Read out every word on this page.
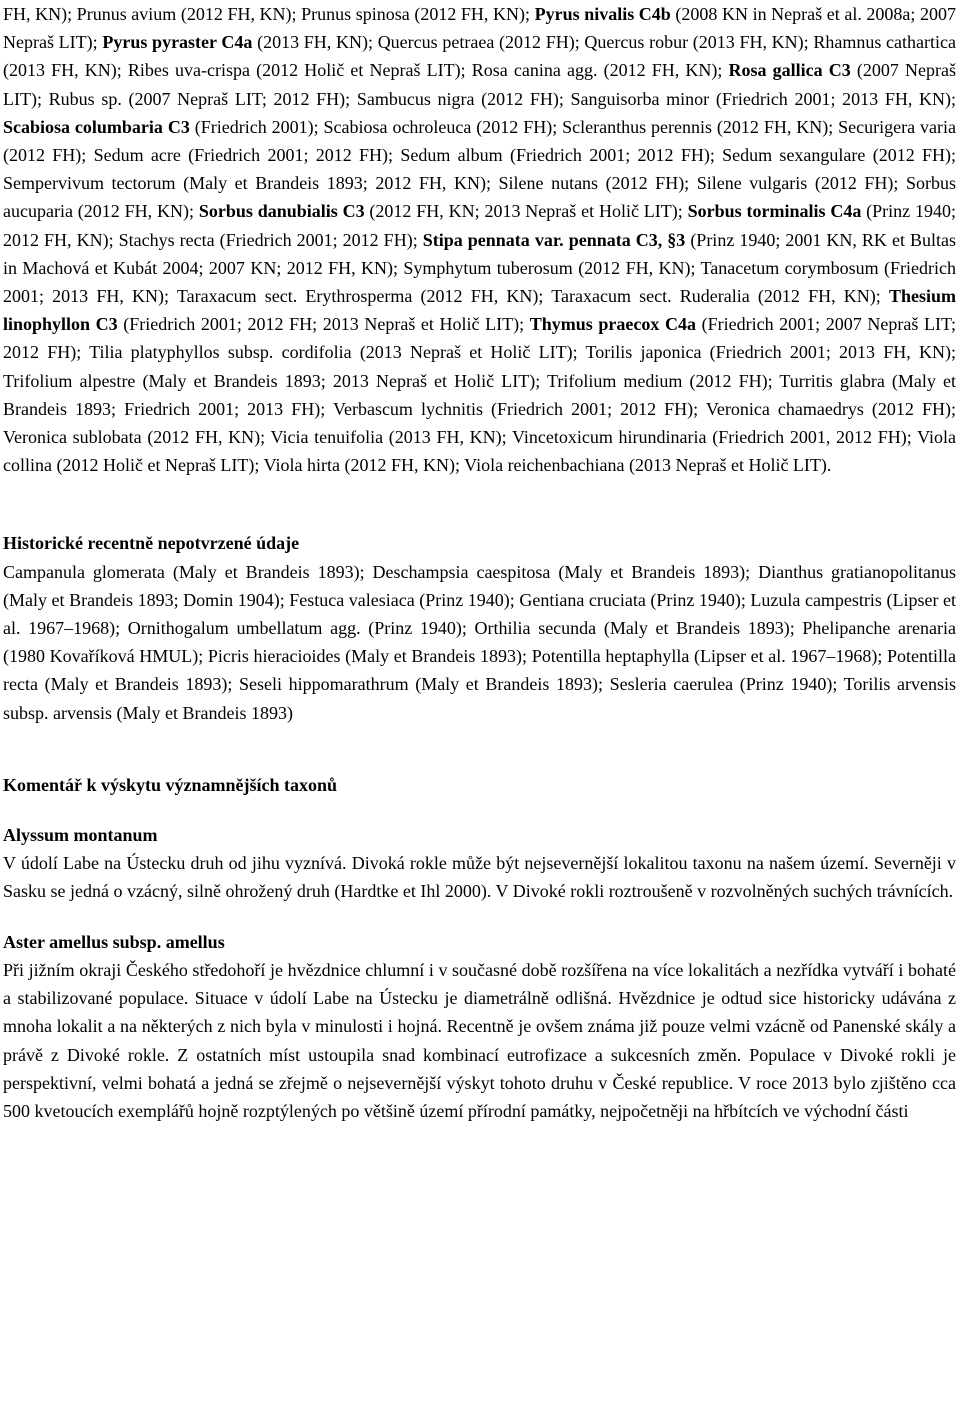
FH, KN); Prunus avium (2012 FH, KN); Prunus spinosa (2012 FH, KN); Pyrus nivalis C4b (2008 KN in Nepraš et al. 2008a; 2007 Nepraš LIT); Pyrus pyraster C4a (2013 FH, KN); Quercus petraea (2012 FH); Quercus robur (2013 FH, KN); Rhamnus cathartica (2013 FH, KN); Ribes uva-crispa (2012 Holič et Nepraš LIT); Rosa canina agg. (2012 FH, KN); Rosa gallica C3 (2007 Nepraš LIT); Rubus sp. (2007 Nepraš LIT; 2012 FH); Sambucus nigra (2012 FH); Sanguisorba minor (Friedrich 2001; 2013 FH, KN); Scabiosa columbaria C3 (Friedrich 2001); Scabiosa ochroleuca (2012 FH); Scleranthus perennis (2012 FH, KN); Securigera varia (2012 FH); Sedum acre (Friedrich 2001; 2012 FH); Sedum album (Friedrich 2001; 2012 FH); Sedum sexangulare (2012 FH); Sempervivum tectorum (Maly et Brandeis 1893; 2012 FH, KN); Silene nutans (2012 FH); Silene vulgaris (2012 FH); Sorbus aucuparia (2012 FH, KN); Sorbus danubialis C3 (2012 FH, KN; 2013 Nepraš et Holič LIT); Sorbus torminalis C4a (Prinz 1940; 2012 FH, KN); Stachys recta (Friedrich 2001; 2012 FH); Stipa pennata var. pennata C3, §3 (Prinz 1940; 2001 KN, RK et Bultas in Machová et Kubát 2004; 2007 KN; 2012 FH, KN); Symphytum tuberosum (2012 FH, KN); Tanacetum corymbosum (Friedrich 2001; 2013 FH, KN); Taraxacum sect. Erythrosperma (2012 FH, KN); Taraxacum sect. Ruderalia (2012 FH, KN); Thesium linophyllon C3 (Friedrich 2001; 2012 FH; 2013 Nepraš et Holič LIT); Thymus praecox C4a (Friedrich 2001; 2007 Nepraš LIT; 2012 FH); Tilia platyphyllos subsp. cordifolia (2013 Nepraš et Holič LIT); Torilis japonica (Friedrich 2001; 2013 FH, KN); Trifolium alpestre (Maly et Brandeis 1893; 2013 Nepraš et Holič LIT); Trifolium medium (2012 FH); Turritis glabra (Maly et Brandeis 1893; Friedrich 2001; 2013 FH); Verbascum lychnitis (Friedrich 2001; 2012 FH); Veronica chamaedrys (2012 FH); Veronica sublobata (2012 FH, KN); Vicia tenuifolia (2013 FH, KN); Vincetoxicum hirundinaria (Friedrich 2001, 2012 FH); Viola collina (2012 Holič et Nepraš LIT); Viola hirta (2012 FH, KN); Viola reichenbachiana (2013 Nepraš et Holič LIT).

Historické recentně nepotvrzené údaje

Campanula glomerata (Maly et Brandeis 1893); Deschampsia caespitosa (Maly et Brandeis 1893); Dianthus gratianopolitanus (Maly et Brandeis 1893; Domin 1904); Festuca valesiaca (Prinz 1940); Gentiana cruciata (Prinz 1940); Luzula campestris (Lipser et al. 1967–1968); Ornithogalum umbellatum agg. (Prinz 1940); Orthilia secunda (Maly et Brandeis 1893); Phelipanche arenaria (1980 Kovaříková HMUL); Picris hieracioides (Maly et Brandeis 1893); Potentilla heptaphylla (Lipser et al. 1967–1968); Potentilla recta (Maly et Brandeis 1893); Seseli hippomarathrum (Maly et Brandeis 1893); Sesleria caerulea (Prinz 1940); Torilis arvensis subsp. arvensis (Maly et Brandeis 1893)

Komentář k výskytu významnějších taxonů
Alyssum montanum

V údolí Labe na Ústecku druh od jihu vyznívá. Divoká rokle může být nejsevernější lokalitou taxonu na našem území. Severněji v Sasku se jedná o vzácný, silně ohrožený druh (Hardtke et Ihl 2000). V Divoké rokli roztroušeně v rozvolněných suchých trávnících.

Aster amellus subsp. amellus

Při jižním okraji Českého středohoří je hvězdnice chlumní i v současné době rozšířena na více lokalitách a nezřídka vytváří i bohaté a stabilizované populace. Situace v údolí Labe na Ústecku je diametrálně odlišná. Hvězdnice je odtud sice historicky udávána z mnoha lokalit a na některých z nich byla v minulosti i hojná. Recentně je ovšem známa již pouze velmi vzácně od Panenské skály a právě z Divoké rokle. Z ostatních míst ustoupila snad kombinací eutrofizace a sukcesních změn. Populace v Divoké rokli je perspektivní, velmi bohatá a jedná se zřejmě o nejsevernější výskyt tohoto druhu v České republice. V roce 2013 bylo zjištěno cca 500 kvetoucích exemplářů hojně rozptýlených po většině území přírodní památky, nejpočetněji na hřbítcích ve východní části
